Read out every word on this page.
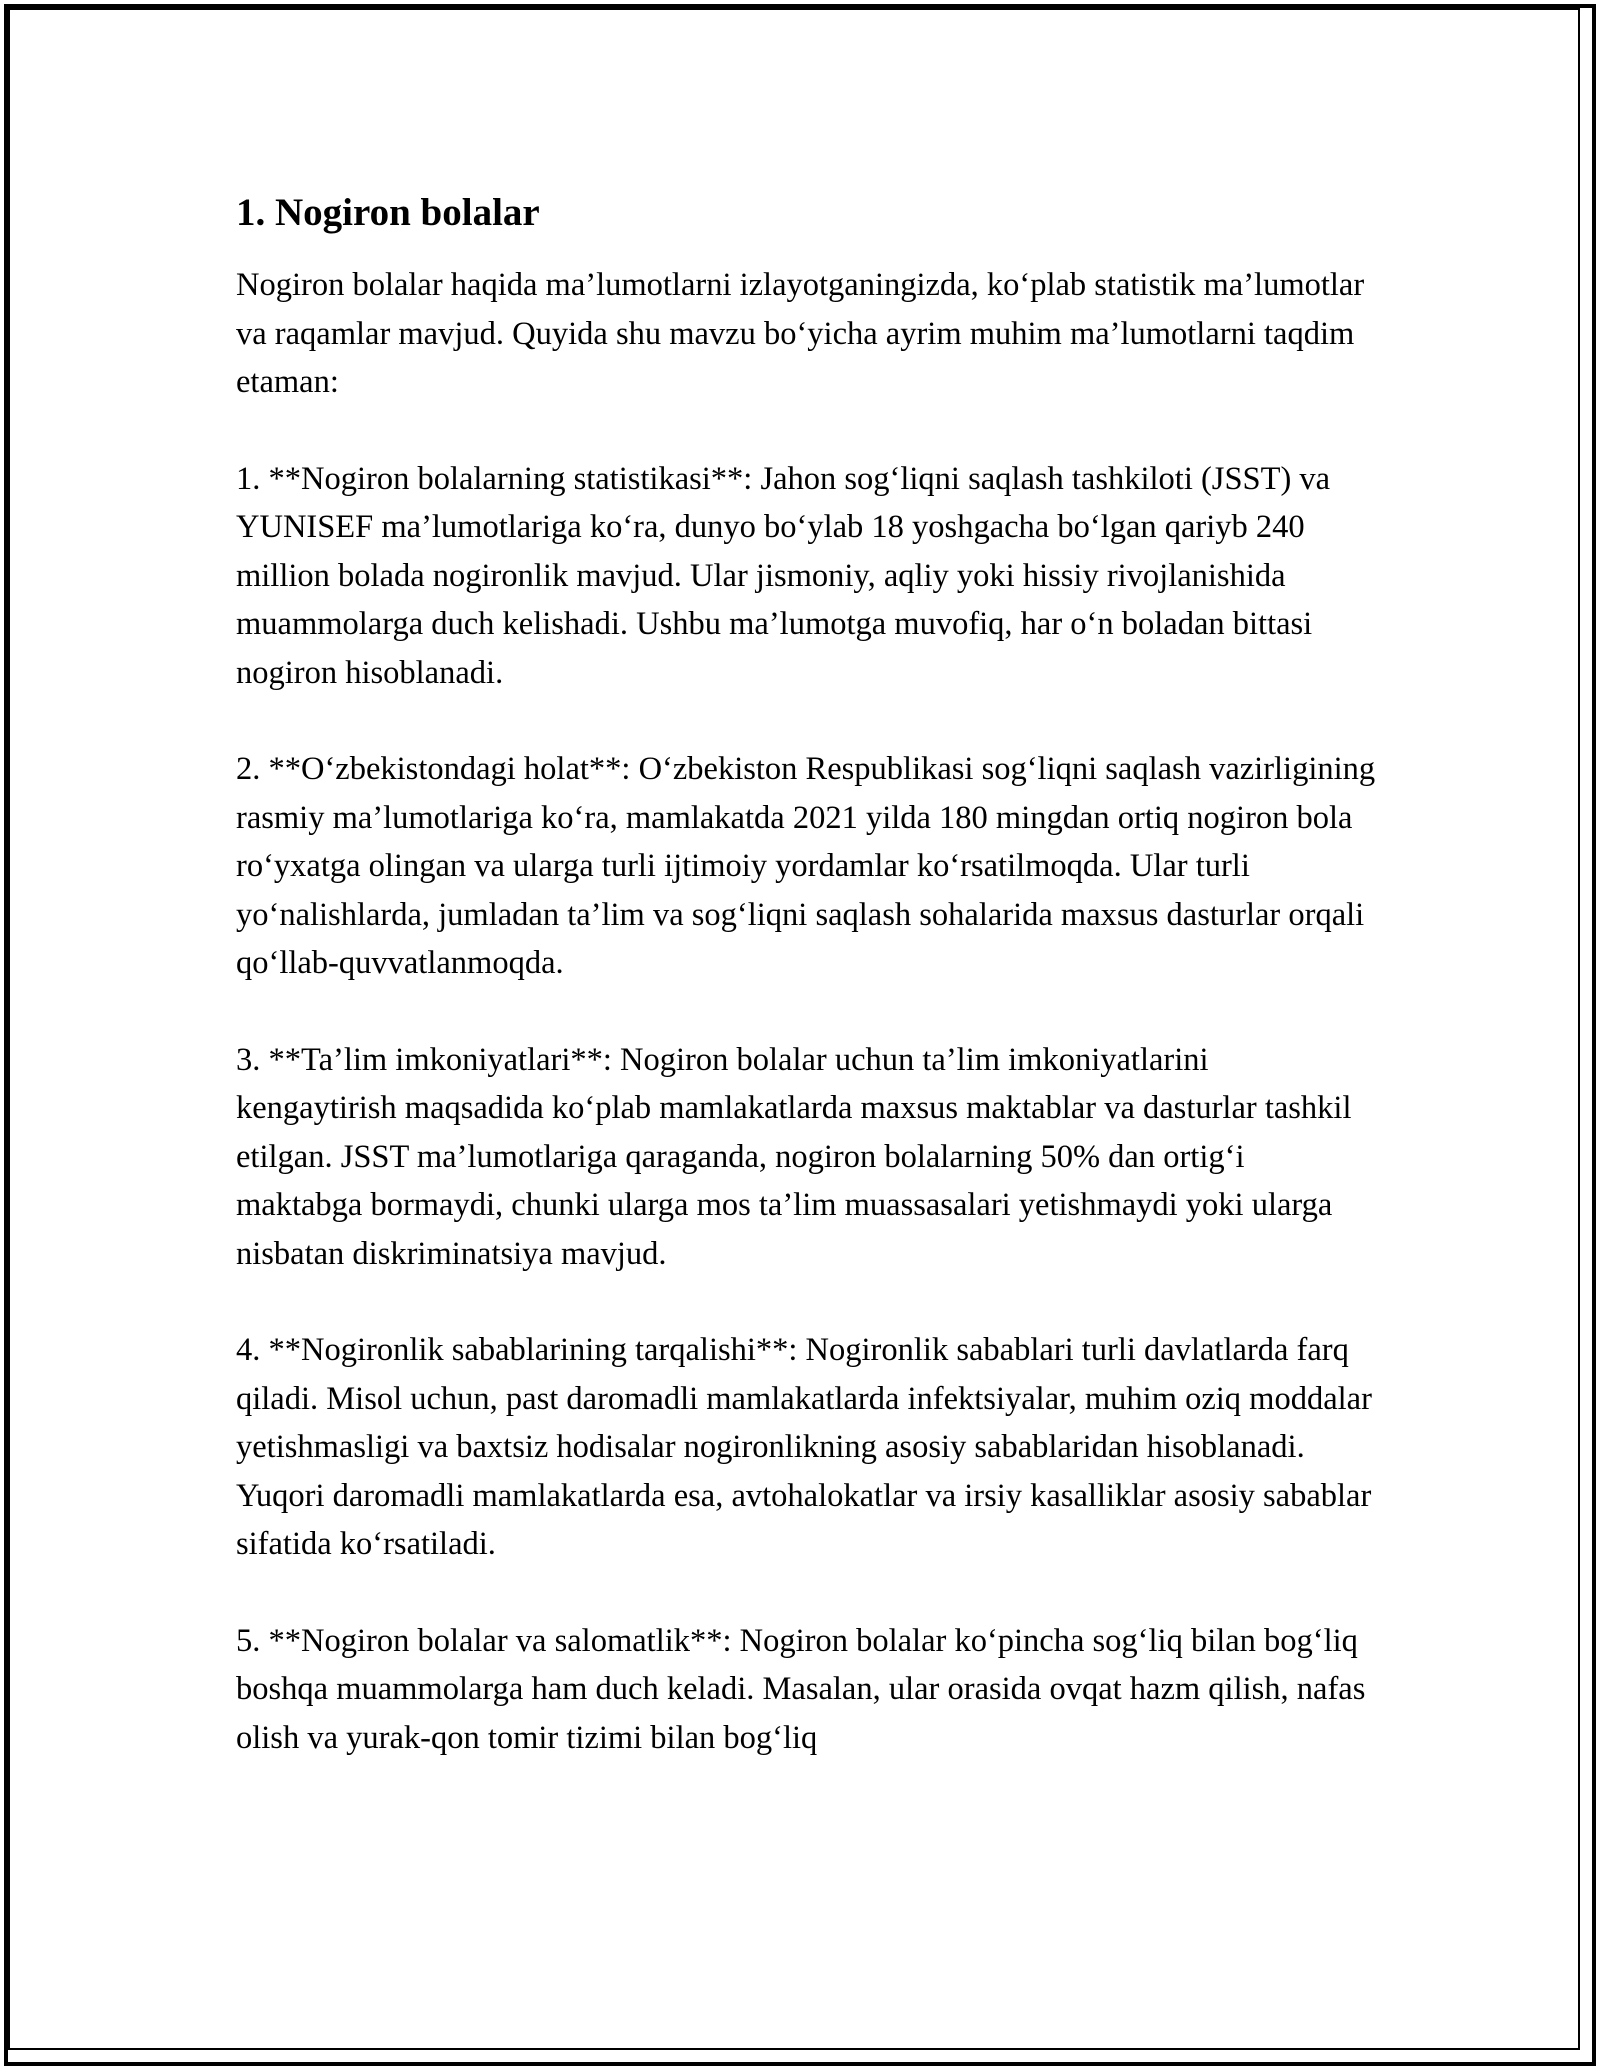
1. Nogiron bolalar

Nogiron bolalar haqida ma’lumotlarni izlayotganingizda, ko‘plab statistik ma’lumotlar va raqamlar mavjud. Quyida shu mavzu bo‘yicha ayrim muhim ma’lumotlarni taqdim etaman:

1. **Nogiron bolalarning statistikasi**: Jahon sog‘liqni saqlash tashkiloti (JSST) va YUNISEF ma’lumotlariga ko‘ra, dunyo bo‘ylab 18 yoshgacha bo‘lgan qariyb 240 million bolada nogironlik mavjud. Ular jismoniy, aqliy yoki hissiy rivojlanishida muammolarga duch kelishadi. Ushbu ma’lumotga muvofiq, har o‘n boladan bittasi nogiron hisoblanadi.

2. **O‘zbekistondagi holat**: O‘zbekiston Respublikasi sog‘liqni saqlash vazirligining rasmiy ma’lumotlariga ko‘ra, mamlakatda 2021 yilda 180 mingdan ortiq nogiron bola ro‘yxatga olingan va ularga turli ijtimoiy yordamlar ko‘rsatilmoqda. Ular turli yo‘nalishlarda, jumladan ta’lim va sog‘liqni saqlash sohalarida maxsus dasturlar orqali qo‘llab-quvvatlanmoqda.

3. **Ta’lim imkoniyatlari**: Nogiron bolalar uchun ta’lim imkoniyatlarini kengaytirish maqsadida ko‘plab mamlakatlarda maxsus maktablar va dasturlar tashkil etilgan. JSST ma’lumotlariga qaraganda, nogiron bolalarning 50% dan ortig‘i maktabga bormaydi, chunki ularga mos ta’lim muassasalari yetishmaydi yoki ularga nisbatan diskriminatsiya mavjud.

4. **Nogironlik sabablarining tarqalishi**: Nogironlik sabablari turli davlatlarda farq qiladi. Misol uchun, past daromadli mamlakatlarda infektsiyalar, muhim oziq moddalar yetishmasligi va baxtsiz hodisalar nogironlikning asosiy sabablaridan hisoblanadi. Yuqori daromadli mamlakatlarda esa, avtohalokatlar va irsiy kasalliklar asosiy sabablar sifatida ko‘rsatiladi.

5. **Nogiron bolalar va salomatlik**: Nogiron bolalar ko‘pincha sog‘liq bilan bog‘liq boshqa muammolarga ham duch keladi. Masalan, ular orasida ovqat hazm qilish, nafas olish va yurak-qon tomir tizimi bilan bog‘liq
